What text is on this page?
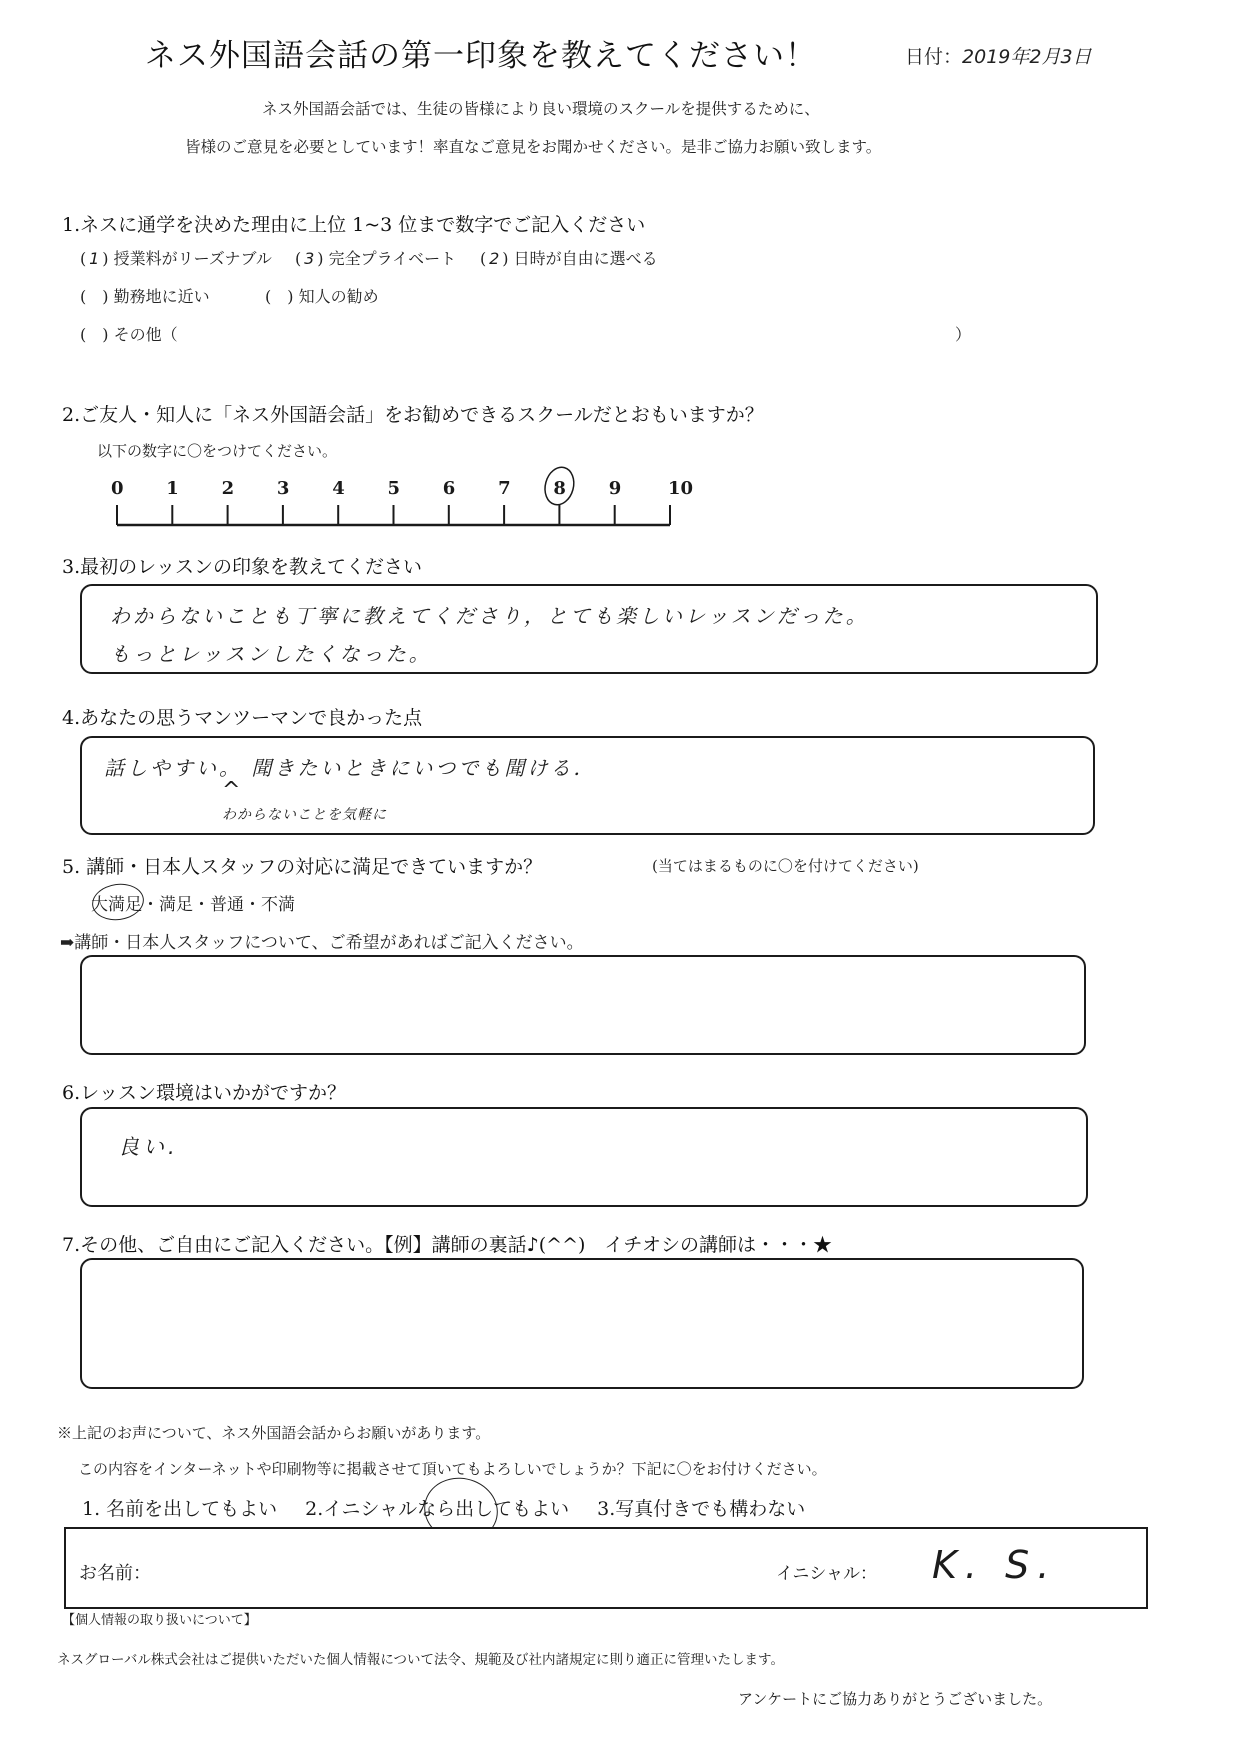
ネス外国語会話の第一印象を教えてください！	日付：2019年2月3日
ネス外国語会話では、生徒の皆様により良い環境のスクールを提供するために、
皆様のご意見を必要としています！率直なご意見をお聞かせください。是非ご協力お願い致します。
1.ネスに通学を決めた理由に上位 1~3 位まで数字でご記入ください
( 1 ) 授業料がリーズナブル ( 3 ) 完全プライベート ( 2 ) 日時が自由に選べる
( ) 勤務地に近い	( ) 知人の勧め
( ) その他（	）
2.ご友人・知人に「ネス外国語会話」をお勧めできるスクールだとおもいますか？
以下の数字に〇をつけてください。
0 1 2 3 4 5 6 7 8 9	10
3.最初のレッスンの印象を教えてください
わからないことも丁寧に教えてくださり，とても楽しいレッスンだった。
もっとレッスンしたくなった。
4.あなたの思うマンツーマンで良かった点
話しやすい。 聞きたいときにいつでも聞ける．
^
わからないことを気軽に
5. 講師・日本人スタッフの対応に満足できていますか？	(当てはまるものに〇を付けてください)
大満足・満足・普通・不満
➡講師・日本人スタッフについて、ご希望があればご記入ください。
6.レッスン環境はいかがですか？
良い.
7.その他、ご自由にご記入ください。【例】講師の裏話♪(^^)　イチオシの講師は・・・★
※上記のお声について、ネス外国語会話からお願いがあります。
この内容をインターネットや印刷物等に掲載させて頂いてもよろしいでしょうか？下記に〇をお付けください。
1. 名前を出してもよい 2.イニシャルなら出してもよい 3.写真付きでも構わない
お名前：	イニシャル： K. S.
【個人情報の取り扱いについて】
ネスグローバル株式会社はご提供いただいた個人情報について法令、規範及び社内諸規定に則り適正に管理いたします。
アンケートにご協力ありがとうございました。
